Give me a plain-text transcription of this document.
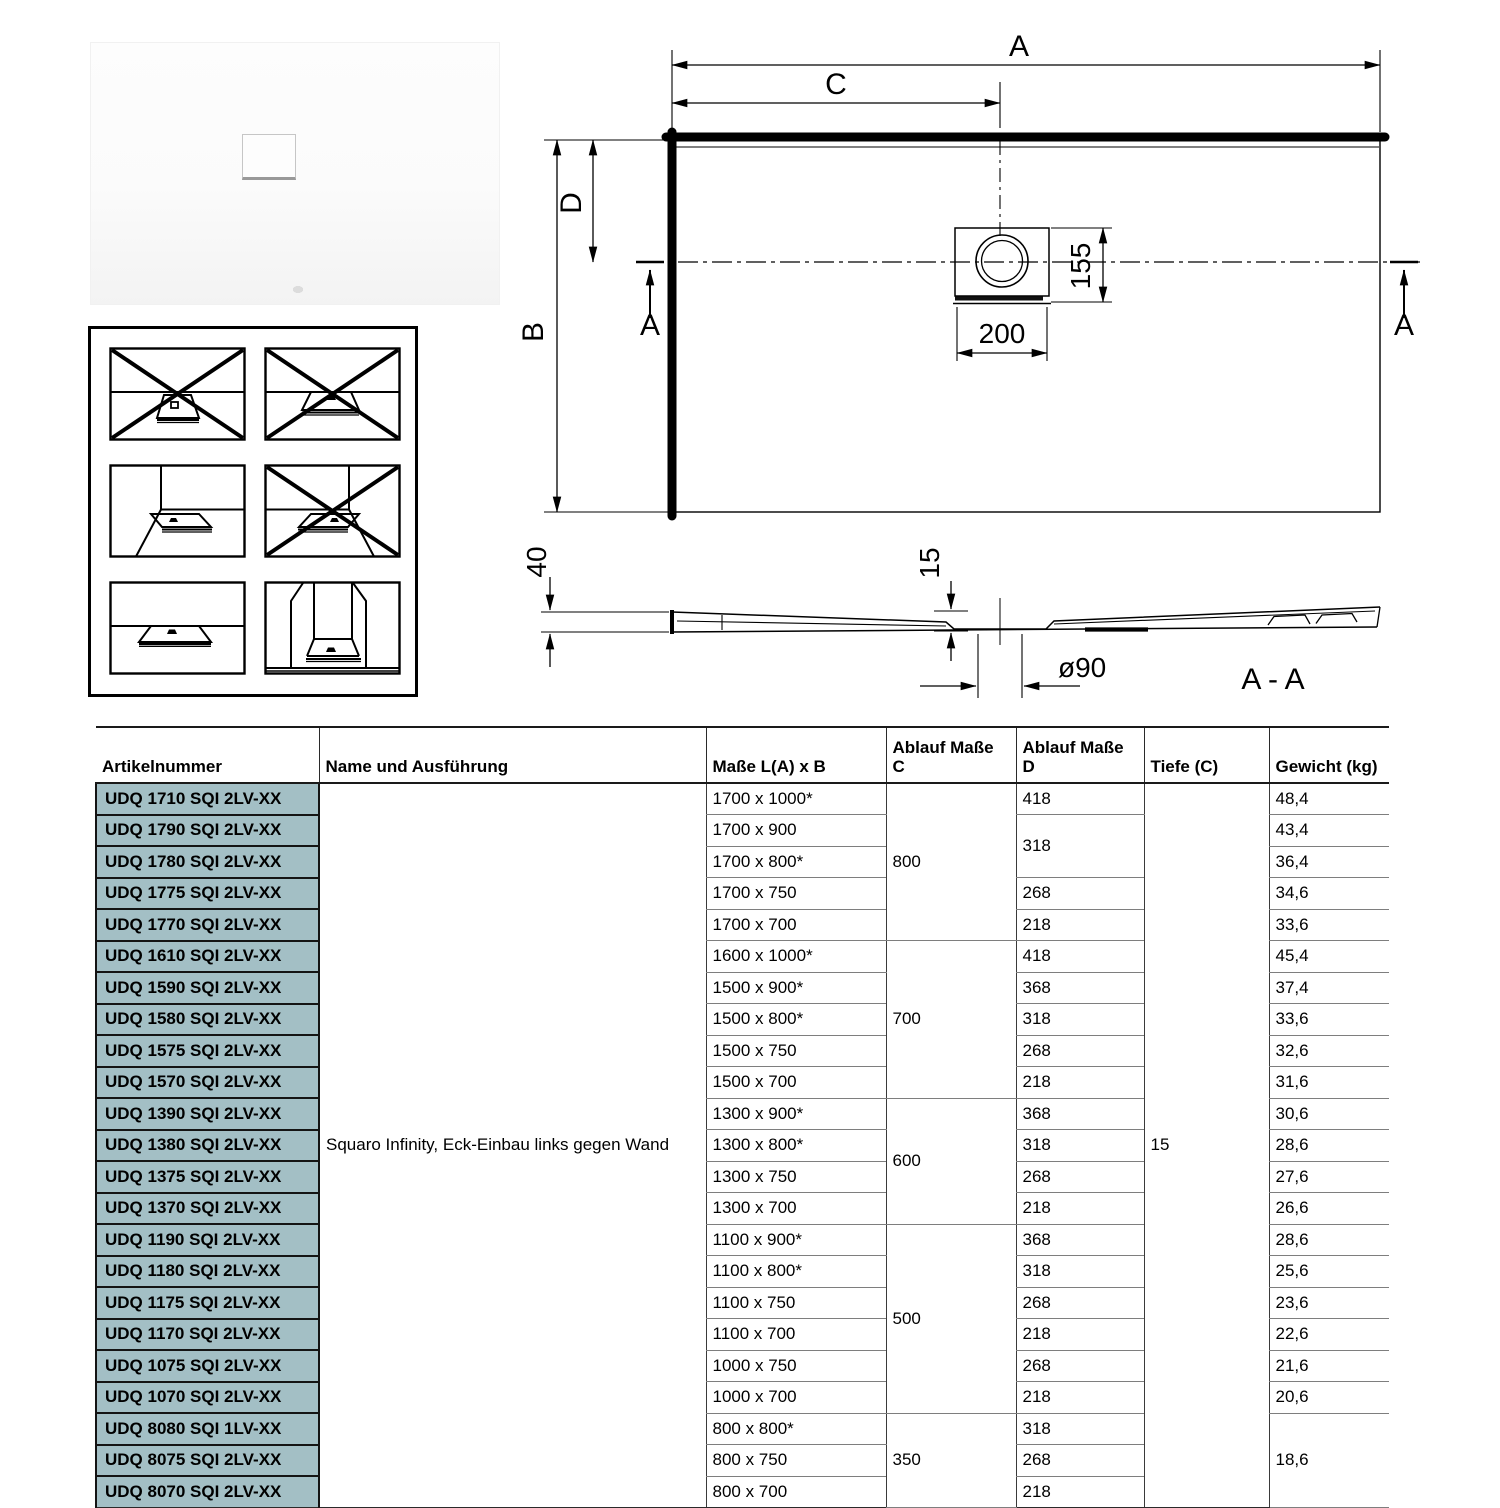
A
C
B
D
155
200
A	A
40	15
ø90	A - A
Artikelnummer	Name und Ausführung	Maße L(A) x B	Ablauf Maße C	Ablauf Maße D	Tiefe (C)	Gewicht (kg)
UDQ 1710 SQI 2LV-XX	Squaro Infinity, Eck-Einbau links gegen Wand	1700 x 1000*	800	418	15	48,4
UDQ 1790 SQI 2LV-XX		1700 x 900		318		43,4
UDQ 1780 SQI 2LV-XX		1700 x 800*				36,4
UDQ 1775 SQI 2LV-XX		1700 x 750		268		34,6
UDQ 1770 SQI 2LV-XX		1700 x 700		218		33,6
UDQ 1610 SQI 2LV-XX		1600 x 1000*	700	418		45,4
UDQ 1590 SQI 2LV-XX		1500 x 900*		368		37,4
UDQ 1580 SQI 2LV-XX		1500 x 800*		318		33,6
UDQ 1575 SQI 2LV-XX		1500 x 750		268		32,6
UDQ 1570 SQI 2LV-XX		1500 x 700		218		31,6
UDQ 1390 SQI 2LV-XX		1300 x 900*	600	368		30,6
UDQ 1380 SQI 2LV-XX		1300 x 800*		318		28,6
UDQ 1375 SQI 2LV-XX		1300 x 750		268		27,6
UDQ 1370 SQI 2LV-XX		1300 x 700		218		26,6
UDQ 1190 SQI 2LV-XX		1100 x 900*	500	368		28,6
UDQ 1180 SQI 2LV-XX		1100 x 800*		318		25,6
UDQ 1175 SQI 2LV-XX		1100 x 750		268		23,6
UDQ 1170 SQI 2LV-XX		1100 x 700		218		22,6
UDQ 1075 SQI 2LV-XX		1000 x 750		268		21,6
UDQ 1070 SQI 2LV-XX		1000 x 700		218		20,6
UDQ 8080 SQI 1LV-XX		800 x 800*	350	318		18,6
UDQ 8075 SQI 2LV-XX		800 x 750		268		
UDQ 8070 SQI 2LV-XX		800 x 700		218		
